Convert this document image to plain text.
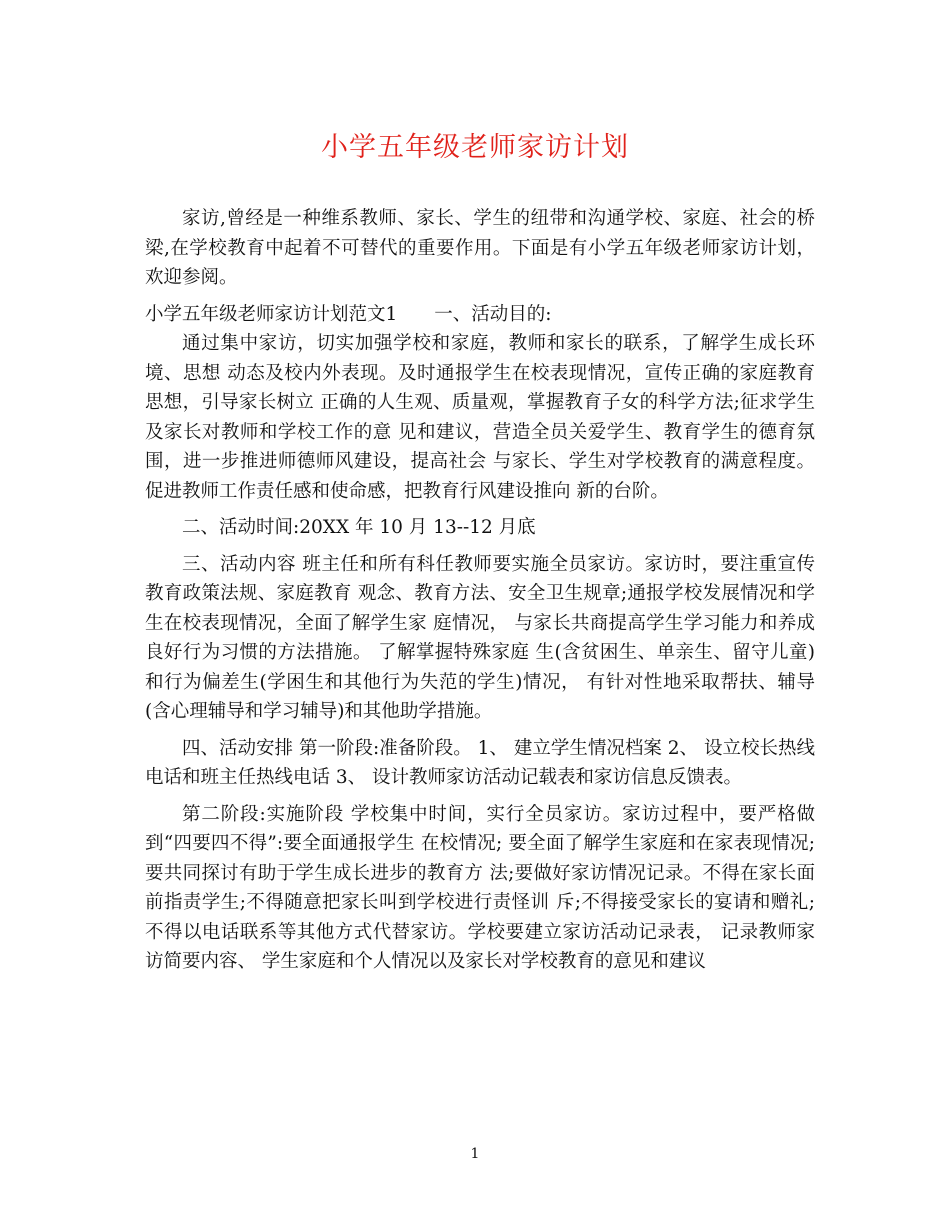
小学五年级老师家访计划

家访,曾经是一种维系教师、家长、学生的纽带和沟通学校、家庭、社会的桥梁,在学校教育中起着不可替代的重要作用。下面是有小学五年级老师家访计划，欢迎参阅。

小学五年级老师家访计划范文1　　一、活动目的:

通过集中家访，切实加强学校和家庭，教师和家长的联系，了解学生成长环境、思想 动态及校内外表现。及时通报学生在校表现情况，宣传正确的家庭教育思想，引导家长树立 正确的人生观、质量观，掌握教育子女的科学方法;征求学生及家长对教师和学校工作的意 见和建议，营造全员关爱学生、教育学生的德育氛围，进一步推进师德师风建设，提高社会 与家长、学生对学校教育的满意程度。促进教师工作责任感和使命感，把教育行风建设推向 新的台阶。

二、活动时间:20XX 年 10 月 13--12 月底

三、活动内容 班主任和所有科任教师要实施全员家访。家访时，要注重宣传教育政策法规、家庭教育 观念、教育方法、安全卫生规章;通报学校发展情况和学生在校表现情况，全面了解学生家 庭情况， 与家长共商提高学生学习能力和养成良好行为习惯的方法措施。 了解掌握特殊家庭 生(含贫困生、单亲生、留守儿童)和行为偏差生(学困生和其他行为失范的学生)情况， 有针对性地采取帮扶、辅导(含心理辅导和学习辅导)和其他助学措施。

四、活动安排 第一阶段:准备阶段。 1、 建立学生情况档案 2、 设立校长热线电话和班主任热线电话 3、 设计教师家访活动记载表和家访信息反馈表。

第二阶段:实施阶段 学校集中时间，实行全员家访。家访过程中，要严格做到“四要四不得”:要全面通报学生 在校情况; 要全面了解学生家庭和在家表现情况; 要共同探讨有助于学生成长进步的教育方 法;要做好家访情况记录。不得在家长面前指责学生;不得随意把家长叫到学校进行责怪训 斥;不得接受家长的宴请和赠礼;不得以电话联系等其他方式代替家访。学校要建立家访活动记录表， 记录教师家访简要内容、 学生家庭和个人情况以及家长对学校教育的意见和建议

1
